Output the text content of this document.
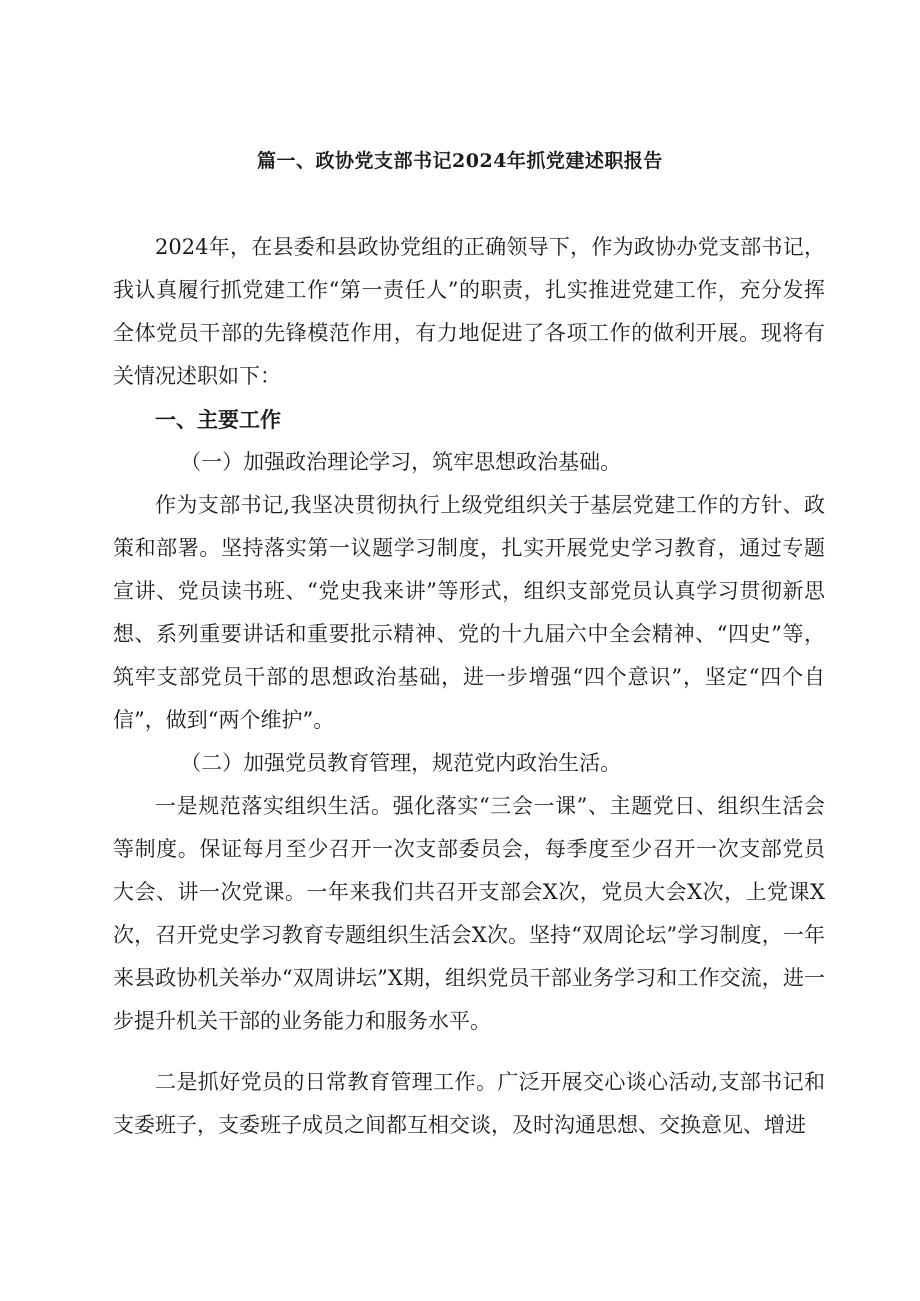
篇一、政协党支部书记2024年抓党建述职报告

2024年，在县委和县政协党组的正确领导下，作为政协办党支部书记，我认真履行抓党建工作“第一责任人”的职责，扎实推进党建工作，充分发挥全体党员干部的先锋模范作用，有力地促进了各项工作的做利开展。现将有关情况述职如下：

一、主要工作

（一）加强政治理论学习，筑牢思想政治基础。

作为支部书记,我坚决贯彻执行上级党组织关于基层党建工作的方针、政策和部署。坚持落实第一议题学习制度，扎实开展党史学习教育，通过专题宣讲、党员读书班、“党史我来讲”等形式，组织支部党员认真学习贯彻新思想、系列重要讲话和重要批示精神、党的十九届六中全会精神、“四史”等，筑牢支部党员干部的思想政治基础，进一步增强“四个意识”，坚定“四个自信”，做到“两个维护”。

（二）加强党员教育管理，规范党内政治生活。

一是规范落实组织生活。强化落实“三会一课”、主题党日、组织生活会等制度。保证每月至少召开一次支部委员会，每季度至少召开一次支部党员大会、讲一次党课。一年来我们共召开支部会X次，党员大会X次，上党课X次，召开党史学习教育专题组织生活会X次。坚持“双周论坛”学习制度，一年来县政协机关举办“双周讲坛”X期，组织党员干部业务学习和工作交流，进一步提升机关干部的业务能力和服务水平。

二是抓好党员的日常教育管理工作。广泛开展交心谈心活动,支部书记和支委班子，支委班子成员之间都互相交谈，及时沟通思想、交换意见、增进
